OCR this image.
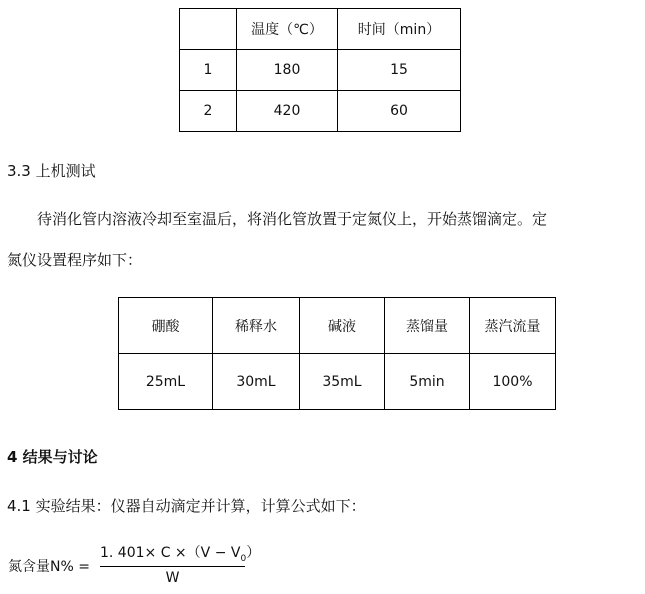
	温度（℃）	时间（min）
1	180	15
2	420	60
3.3 上机测试
　　待消化管内溶液冷却至室温后，将消化管放置于定氮仪上，开始蒸馏滴定。定
氮仪设置程序如下：
硼酸	稀释水	碱液	蒸馏量	蒸汽流量
25mL	30mL	35mL	5min	100%
4 结果与讨论
4.1 实验结果：仪器自动滴定并计算，计算公式如下：
氮含量N% =
1. $401\times C \times(V - V_0)$
W
